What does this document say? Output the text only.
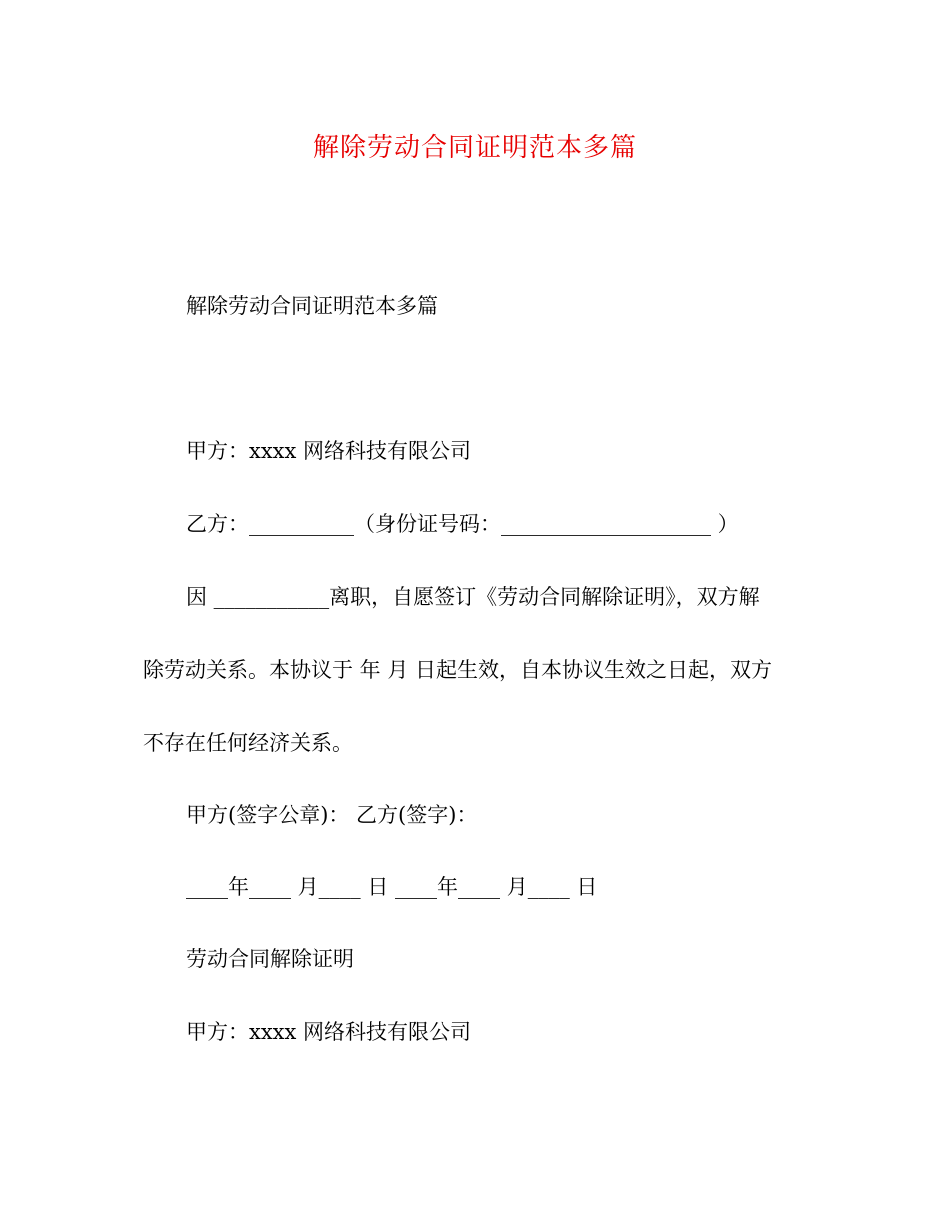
解除劳动合同证明范本多篇
解除劳动合同证明范本多篇
甲方：xxxx 网络科技有限公司
乙方：__________（身份证号码：____________________ ）
因 ___________离职，自愿签订《劳动合同解除证明》，双方解
除劳动关系。本协议于 年 月 日起生效，自本协议生效之日起，双方
不存在任何经济关系。
甲方(签字公章)： 乙方(签字)：
____年____ 月____ 日 ____年____ 月____ 日
劳动合同解除证明
甲方：xxxx 网络科技有限公司
